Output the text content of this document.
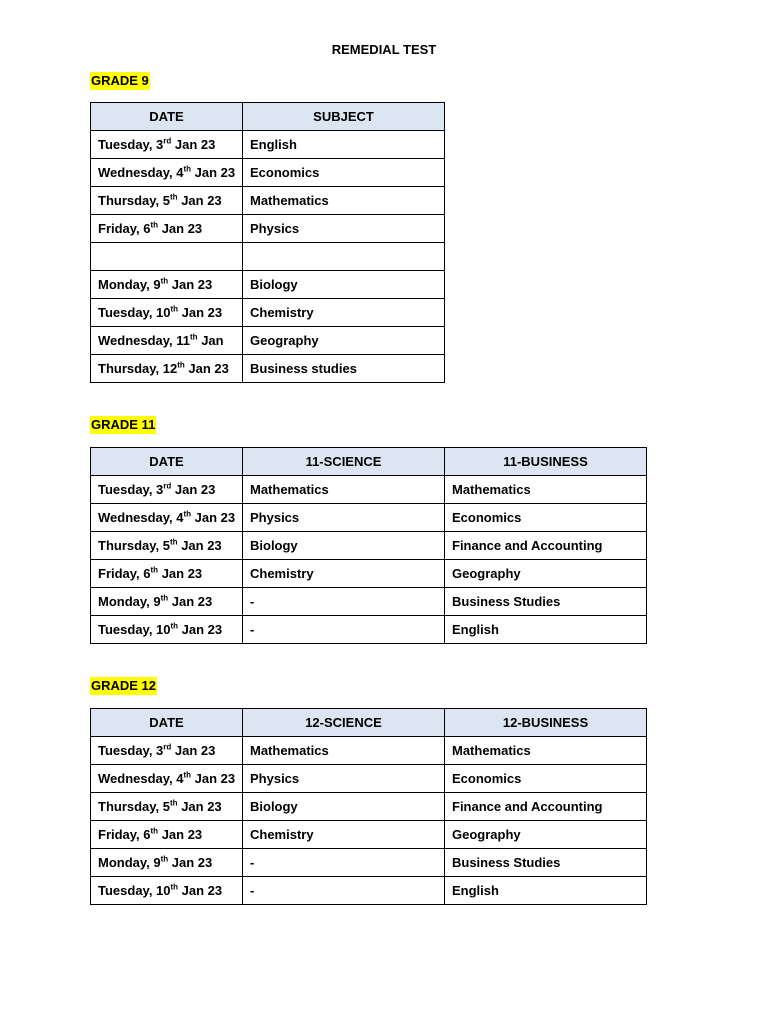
REMEDIAL TEST
GRADE 9
DATE	SUBJECT
Tuesday, 3rd Jan 23	English
Wednesday, 4th Jan 23	Economics
Thursday, 5th Jan 23	Mathematics
Friday, 6th Jan 23	Physics

Monday, 9th Jan 23	Biology
Tuesday, 10th Jan 23	Chemistry
Wednesday, 11th Jan	Geography
Thursday, 12th Jan 23	Business studies
GRADE 11
DATE	11-SCIENCE	11-BUSINESS
Tuesday, 3rd Jan 23	Mathematics	Mathematics
Wednesday, 4th Jan 23	Physics	Economics
Thursday, 5th Jan 23	Biology	Finance and Accounting
Friday, 6th Jan 23	Chemistry	Geography
Monday, 9th Jan 23	-	Business Studies
Tuesday, 10th Jan 23	-	English
GRADE 12
DATE	12-SCIENCE	12-BUSINESS
Tuesday, 3rd Jan 23	Mathematics	Mathematics
Wednesday, 4th Jan 23	Physics	Economics
Thursday, 5th Jan 23	Biology	Finance and Accounting
Friday, 6th Jan 23	Chemistry	Geography
Monday, 9th Jan 23	-	Business Studies
Tuesday, 10th Jan 23	-	English
